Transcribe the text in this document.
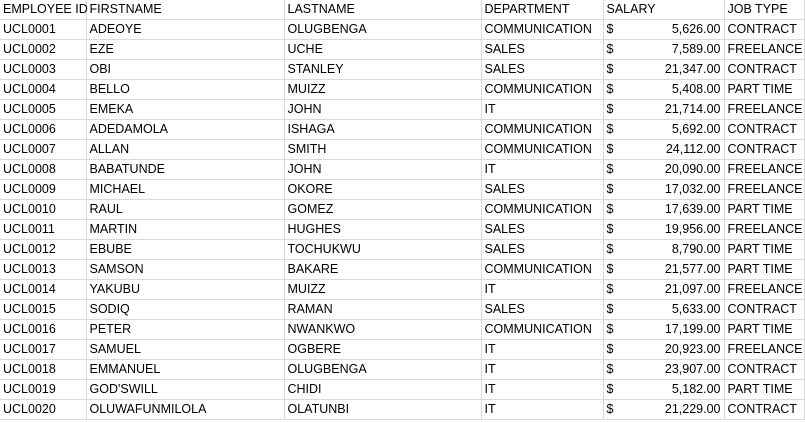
EMPLOYEE ID	FIRSTNAME	LASTNAME	DEPARTMENT	SALARY		JOB TYPE
UCL0001	ADEOYE	OLUGBENGA	COMMUNICATION	$	5,626.00	CONTRACT
UCL0002	EZE	UCHE	SALES	$	7,589.00	FREELANCE
UCL0003	OBI	STANLEY	SALES	$	21,347.00	CONTRACT
UCL0004	BELLO	MUIZZ	COMMUNICATION	$	5,408.00	PART TIME
UCL0005	EMEKA	JOHN	IT	$	21,714.00	FREELANCE
UCL0006	ADEDAMOLA	ISHAGA	COMMUNICATION	$	5,692.00	CONTRACT
UCL0007	ALLAN	SMITH	COMMUNICATION	$	24,112.00	CONTRACT
UCL0008	BABATUNDE	JOHN	IT	$	20,090.00	FREELANCE
UCL0009	MICHAEL	OKORE	SALES	$	17,032.00	FREELANCE
UCL0010	RAUL	GOMEZ	COMMUNICATION	$	17,639.00	PART TIME
UCL0011	MARTIN	HUGHES	SALES	$	19,956.00	FREELANCE
UCL0012	EBUBE	TOCHUKWU	SALES	$	8,790.00	PART TIME
UCL0013	SAMSON	BAKARE	COMMUNICATION	$	21,577.00	PART TIME
UCL0014	YAKUBU	MUIZZ	IT	$	21,097.00	FREELANCE
UCL0015	SODIQ	RAMAN	SALES	$	5,633.00	CONTRACT
UCL0016	PETER	NWANKWO	COMMUNICATION	$	17,199.00	PART TIME
UCL0017	SAMUEL	OGBERE	IT	$	20,923.00	FREELANCE
UCL0018	EMMANUEL	OLUGBENGA	IT	$	23,907.00	CONTRACT
UCL0019	GOD'SWILL	CHIDI	IT	$	5,182.00	PART TIME
UCL0020	OLUWAFUNMILOLA	OLATUNBI	IT	$	21,229.00	CONTRACT
